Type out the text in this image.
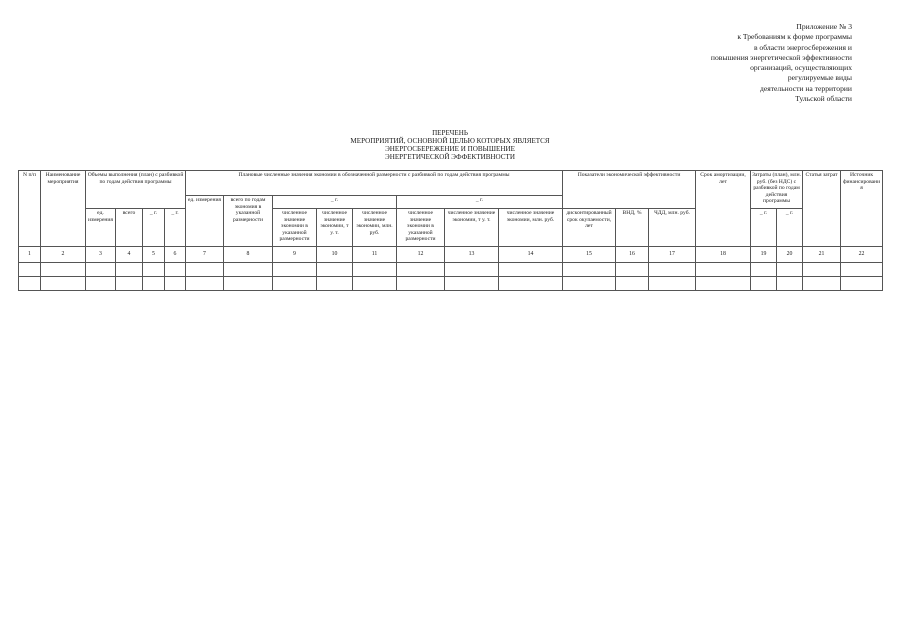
Приложение № 3
к Требованиям к форме программы
в области энергосбережения и
повышения энергетической эффективности
организаций, осуществляющих
регулируемые виды
деятельности на территории
Тульской области
ПЕРЕЧЕНЬ
МЕРОПРИЯТИЙ, ОСНОВНОЙ ЦЕЛЬЮ КОТОРЫХ ЯВЛЯЕТСЯ
ЭНЕРГОСБЕРЕЖЕНИЕ И ПОВЫШЕНИЕ
ЭНЕРГЕТИЧЕСКОЙ ЭФФЕКТИВНОСТИ
N п/п	Наименование мероприятия	Объемы выполнения (план) с разбивкой по годам действия программы				Плановые численные значения экономии в обозначенной размерности с разбивкой по годам действия программы								Показатели экономической эффективности			Срок амортизации, лет	Затраты (план), млн. руб. (без НДС) с разбивкой по годам действия программы		Статья затрат	Источник финансирования
						ед. измерения	всего по годам экономия в указанной размерности	_ г.			_ г.										
								численное значение экономии в указанной размерности	численное значение экономии, т у. т.	численное значение экономии, млн. руб.	численное значение экономии в указанной размерности	численное значение экономии, т у. т.	численное значение экономии, млн. руб.	дисконтированный срок окупаемости, лет	ВНД, %	ЧДД, млн. руб.					
		ед. измерения	всего	_ г.	_ г.													_ г.	_ г.		
1	2	3	4	5	6	7	8	9	10	11	12	13	14	15	16	17	18	19	20	21	22
